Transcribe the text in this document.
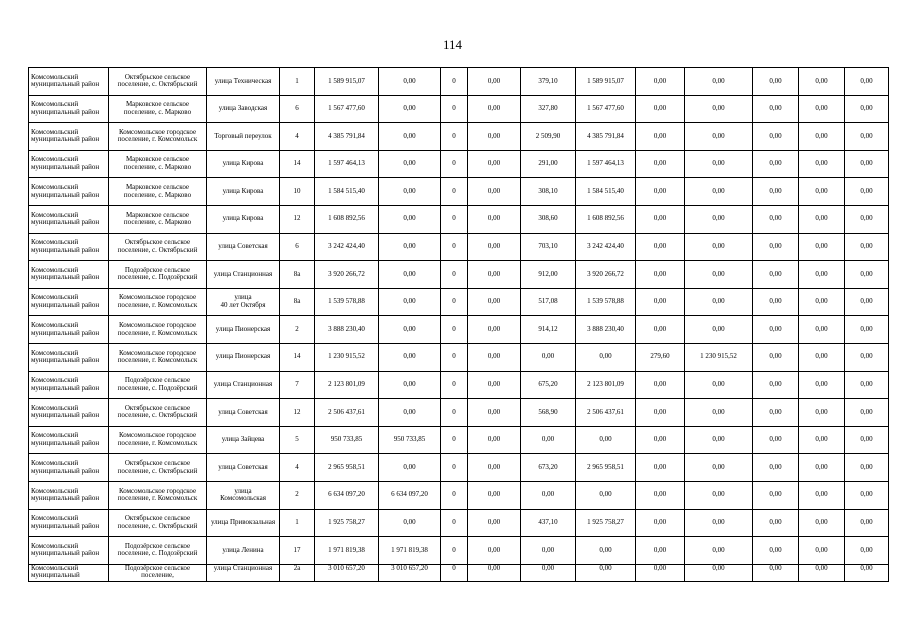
114
Комсомольский муниципальный район	Октябрьское сельское поселение, с. Октябрьский	улица Техническая	1	1 589 915,07	0,00	0	0,00	379,10	1 589 915,07	0,00	0,00	0,00	0,00	0,00
Комсомольский муниципальный район	Марковское сельское поселение, с. Марково	улица Заводская	6	1 567 477,60	0,00	0	0,00	327,80	1 567 477,60	0,00	0,00	0,00	0,00	0,00
Комсомольский муниципальный район	Комсомольское городское поселение, г. Комсомольск	Торговый переулок	4	4 385 791,84	0,00	0	0,00	2 509,90	4 385 791,84	0,00	0,00	0,00	0,00	0,00
Комсомольский муниципальный район	Марковское сельское поселение, с. Марково	улица Кирова	14	1 597 464,13	0,00	0	0,00	291,00	1 597 464,13	0,00	0,00	0,00	0,00	0,00
Комсомольский муниципальный район	Марковское сельское поселение, с. Марково	улица Кирова	10	1 584 515,40	0,00	0	0,00	308,10	1 584 515,40	0,00	0,00	0,00	0,00	0,00
Комсомольский муниципальный район	Марковское сельское поселение, с. Марково	улица Кирова	12	1 608 892,56	0,00	0	0,00	308,60	1 608 892,56	0,00	0,00	0,00	0,00	0,00
Комсомольский муниципальный район	Октябрьское сельское поселение, с. Октябрьский	улица Советская	6	3 242 424,40	0,00	0	0,00	703,10	3 242 424,40	0,00	0,00	0,00	0,00	0,00
Комсомольский муниципальный район	Подозёрское сельское поселение, с. Подозёрский	улица Станционная	8а	3 920 266,72	0,00	0	0,00	912,00	3 920 266,72	0,00	0,00	0,00	0,00	0,00
Комсомольский муниципальный район	Комсомольское городское поселение, г. Комсомольск	улица
40 лет Октября	8а	1 539 578,88	0,00	0	0,00	517,08	1 539 578,88	0,00	0,00	0,00	0,00	0,00
Комсомольский муниципальный район	Комсомольское городское поселение, г. Комсомольск	улица Пионерская	2	3 888 230,40	0,00	0	0,00	914,12	3 888 230,40	0,00	0,00	0,00	0,00	0,00
Комсомольский муниципальный район	Комсомольское городское поселение, г. Комсомольск	улица Пионерская	14	1 230 915,52	0,00	0	0,00	0,00	0,00	279,60	1 230 915,52	0,00	0,00	0,00
Комсомольский муниципальный район	Подозёрское сельское поселение, с. Подозёрский	улица Станционная	7	2 123 801,09	0,00	0	0,00	675,20	2 123 801,09	0,00	0,00	0,00	0,00	0,00
Комсомольский муниципальный район	Октябрьское сельское поселение, с. Октябрьский	улица Советская	12	2 506 437,61	0,00	0	0,00	568,90	2 506 437,61	0,00	0,00	0,00	0,00	0,00
Комсомольский муниципальный район	Комсомольское городское поселение, г. Комсомольск	улица Зайцева	5	950 733,85	950 733,85	0	0,00	0,00	0,00	0,00	0,00	0,00	0,00	0,00
Комсомольский муниципальный район	Октябрьское сельское поселение, с. Октябрьский	улица Советская	4	2 965 958,51	0,00	0	0,00	673,20	2 965 958,51	0,00	0,00	0,00	0,00	0,00
Комсомольский муниципальный район	Комсомольское городское поселение, г. Комсомольск	улица
Комсомольская	2	6 634 097,20	6 634 097,20	0	0,00	0,00	0,00	0,00	0,00	0,00	0,00	0,00
Комсомольский муниципальный район	Октябрьское сельское поселение, с. Октябрьский	улица Привокзальная	1	1 925 758,27	0,00	0	0,00	437,10	1 925 758,27	0,00	0,00	0,00	0,00	0,00
Комсомольский муниципальный район	Подозёрское сельское поселение, с. Подозёрский	улица Ленина	17	1 971 819,38	1 971 819,38	0	0,00	0,00	0,00	0,00	0,00	0,00	0,00	0,00
Комсомольский муниципальный	Подозёрское сельское поселение,	улица Станционная	2а	3 010 657,20	3 010 657,20	0	0,00	0,00	0,00	0,00	0,00	0,00	0,00	0,00
